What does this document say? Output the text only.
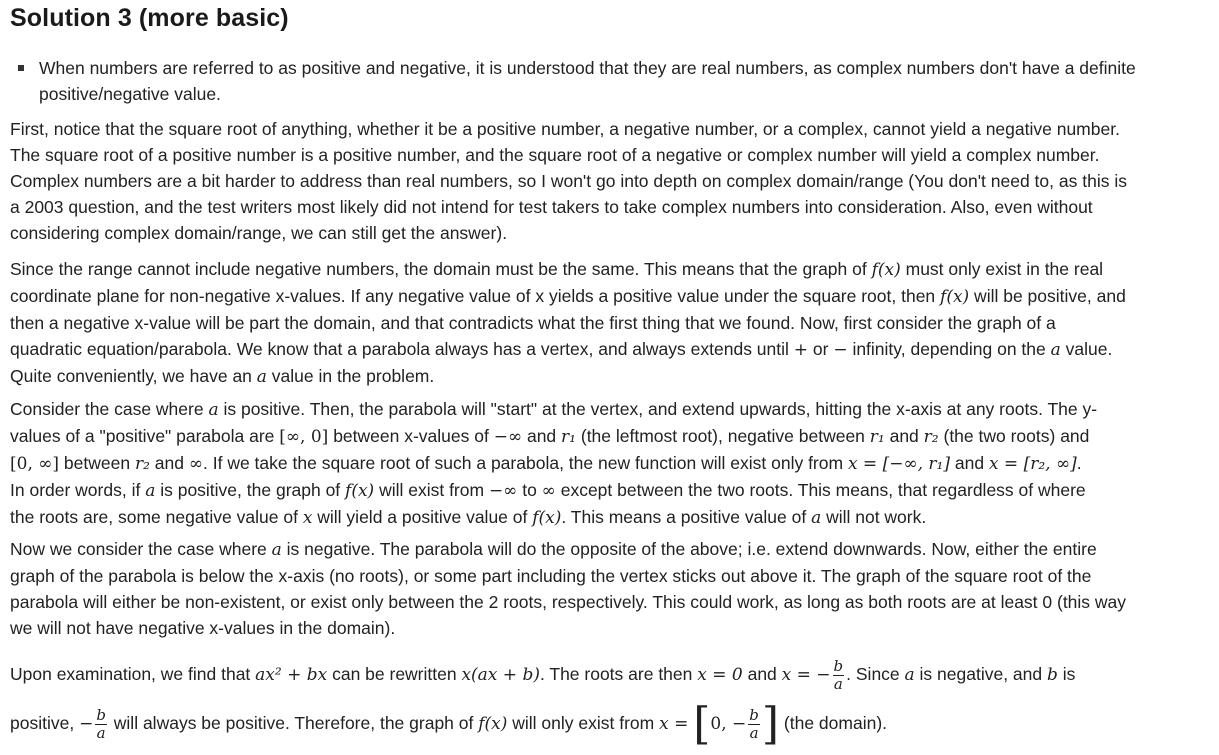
Solution 3 (more basic)
When numbers are referred to as positive and negative, it is understood that they are real numbers, as complex numbers don't have a definite
positive/negative value.
First, notice that the square root of anything, whether it be a positive number, a negative number, or a complex, cannot yield a negative number.
The square root of a positive number is a positive number, and the square root of a negative or complex number will yield a complex number.
Complex numbers are a bit harder to address than real numbers, so I won't go into depth on complex domain/range (You don't need to, as this is
a 2003 question, and the test writers most likely did not intend for test takers to take complex numbers into consideration. Also, even without
considering complex domain/range, we can still get the answer).
Since the range cannot include negative numbers, the domain must be the same. This means that the graph of f(x) must only exist in the real
coordinate plane for non-negative x-values. If any negative value of x yields a positive value under the square root, then f(x) will be positive, and
then a negative x-value will be part the domain, and that contradicts what the first thing that we found. Now, first consider the graph of a
quadratic equation/parabola. We know that a parabola always has a vertex, and always extends until + or − infinity, depending on the a value.
Quite conveniently, we have an a value in the problem.
Consider the case where a is positive. Then, the parabola will "start" at the vertex, and extend upwards, hitting the x-axis at any roots. The y-
values of a "positive" parabola are [∞, 0] between x-values of −∞ and r₁ (the leftmost root), negative between r₁ and r₂ (the two roots) and
[0, ∞] between r₂ and ∞. If we take the square root of such a parabola, the new function will exist only from x = [−∞, r₁] and x = [r₂, ∞].
In order words, if a is positive, the graph of f(x) will exist from −∞ to ∞ except between the two roots. This means, that regardless of where
the roots are, some negative value of x will yield a positive value of f(x). This means a positive value of a will not work.
Now we consider the case where a is negative. The parabola will do the opposite of the above; i.e. extend downwards. Now, either the entire
graph of the parabola is below the x-axis (no roots), or some part including the vertex sticks out above it. The graph of the square root of the
parabola will either be non-existent, or exist only between the 2 roots, respectively. This could work, as long as both roots are at least 0 (this way
we will not have negative x-values in the domain).
Upon examination, we find that ax² + bx can be rewritten x(ax + b). The roots are then x = 0 and x = − $\frac{b}{a}$ . Since a is negative, and b is
positive, − $\frac{b}{a}$ will always be positive. Therefore, the graph of f(x) will only exist from x = [0, − $\frac{b}{a}$ ] (the domain).
